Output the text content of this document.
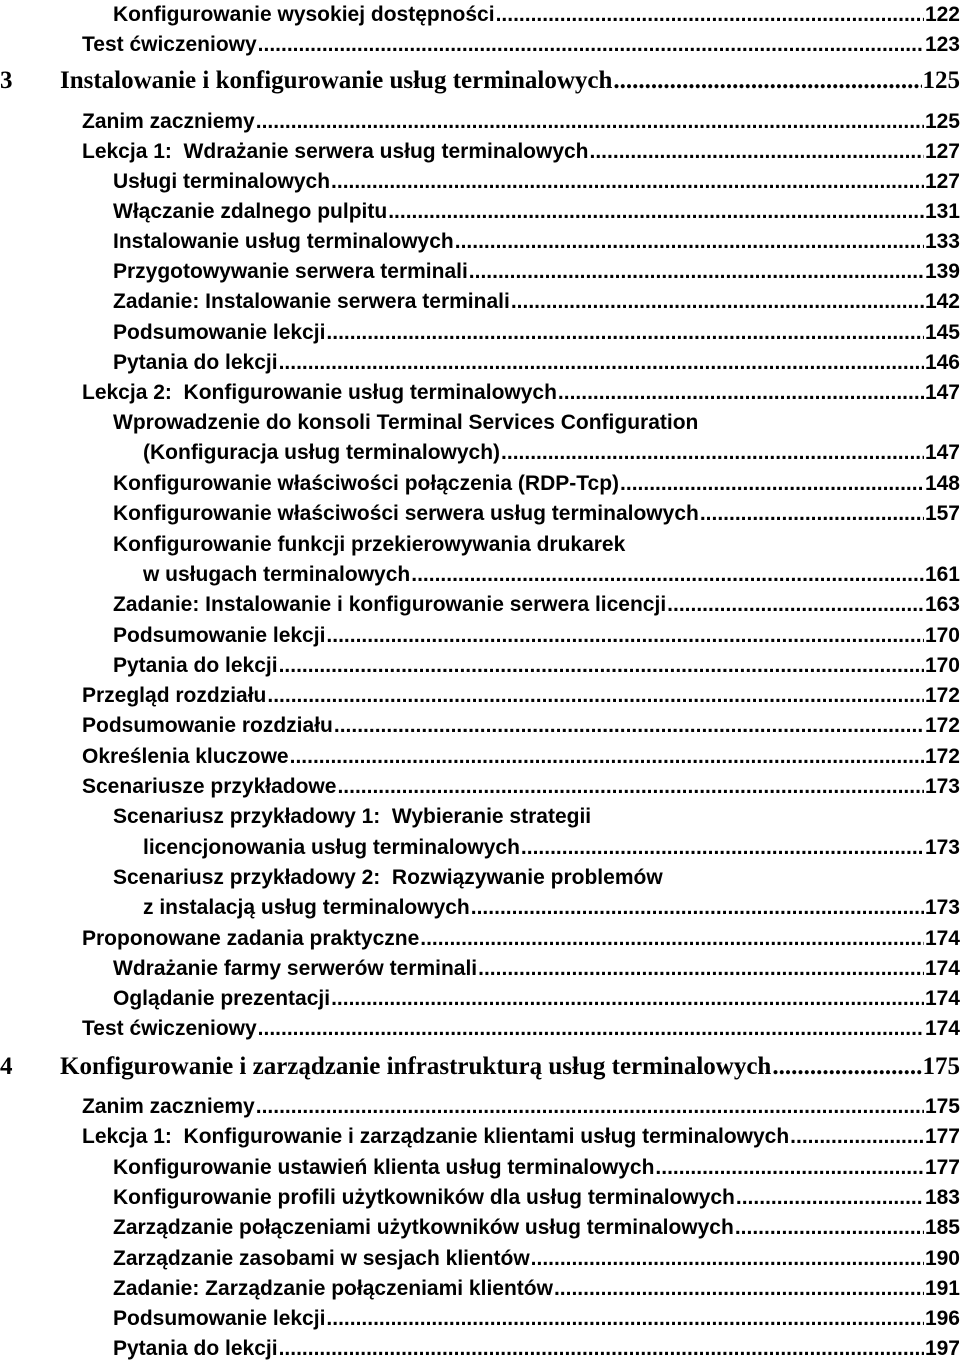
Konfigurowanie wysokiej dostępności .....	122
Test ćwiczeniowy .....	123
3 Instalowanie i konfigurowanie usług terminalowych .....	125
Zanim zaczniemy .....	125
Lekcja 1:  Wdrażanie serwera usług terminalowych .....	127
Usługi terminalowych .....	127
Włączanie zdalnego pulpitu .....	131
Instalowanie usług terminalowych .....	133
Przygotowywanie serwera terminali .....	139
Zadanie: Instalowanie serwera terminali .....	142
Podsumowanie lekcji .....	145
Pytania do lekcji .....	146
Lekcja 2:  Konfigurowanie usług terminalowych .....	147
Wprowadzenie do konsoli Terminal Services Configuration
(Konfiguracja usług terminalowych) .....	147
Konfigurowanie właściwości połączenia (RDP-Tcp) .....	148
Konfigurowanie właściwości serwera usług terminalowych .....	157
Konfigurowanie funkcji przekierowywania drukarek
w usługach terminalowych .....	161
Zadanie: Instalowanie i konfigurowanie serwera licencji .....	163
Podsumowanie lekcji .....	170
Pytania do lekcji .....	170
Przegląd rozdziału .....	172
Podsumowanie rozdziału .....	172
Określenia kluczowe .....	172
Scenariusze przykładowe .....	173
Scenariusz przykładowy 1:  Wybieranie strategii
licencjonowania usług terminalowych .....	173
Scenariusz przykładowy 2:  Rozwiązywanie problemów
z instalacją usług terminalowych .....	173
Proponowane zadania praktyczne .....	174
Wdrażanie farmy serwerów terminali .....	174
Oglądanie prezentacji .....	174
Test ćwiczeniowy .....	174
4 Konfigurowanie i zarządzanie infrastrukturą usług terminalowych .....	175
Zanim zaczniemy .....	175
Lekcja 1:  Konfigurowanie i zarządzanie klientami usług terminalowych .....	177
Konfigurowanie ustawień klienta usług terminalowych .....	177
Konfigurowanie profili użytkowników dla usług terminalowych .....	183
Zarządzanie połączeniami użytkowników usług terminalowych .....	185
Zarządzanie zasobami w sesjach klientów .....	190
Zadanie: Zarządzanie połączeniami klientów .....	191
Podsumowanie lekcji .....	196
Pytania do lekcji .....	197
